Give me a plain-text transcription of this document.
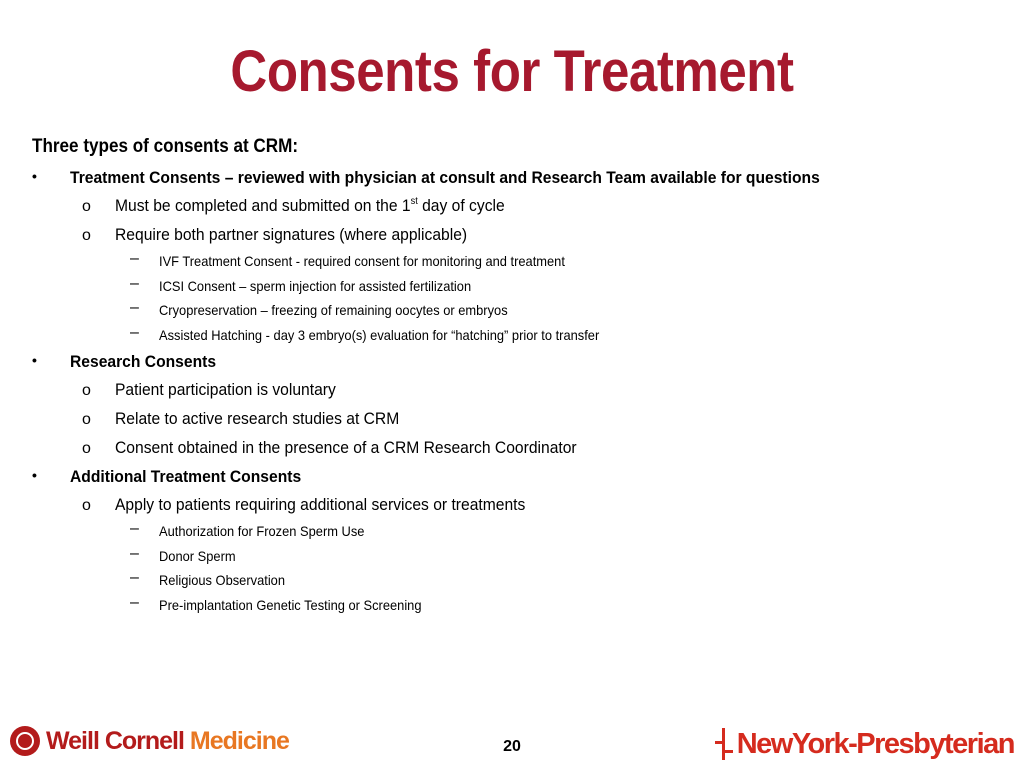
Consents for Treatment
Three types of consents at CRM:
• Treatment Consents – reviewed with physician at consult and Research Team available for questions
o Must be completed and submitted on the 1st day of cycle
o Require both partner signatures (where applicable)
– IVF Treatment Consent - required consent for monitoring and treatment
– ICSI Consent – sperm injection for assisted fertilization
– Cryopreservation – freezing of remaining oocytes or embryos
– Assisted Hatching - day 3 embryo(s) evaluation for “hatching” prior to transfer
• Research Consents
o Patient participation is voluntary
o Relate to active research studies at CRM
o Consent obtained in the presence of a CRM Research Coordinator
• Additional Treatment Consents
o Apply to patients requiring additional services or treatments
– Authorization for Frozen Sperm Use
– Donor Sperm
– Religious Observation
– Pre-implantation Genetic Testing or Screening
Weill Cornell Medicine	20	NewYork-Presbyterian
